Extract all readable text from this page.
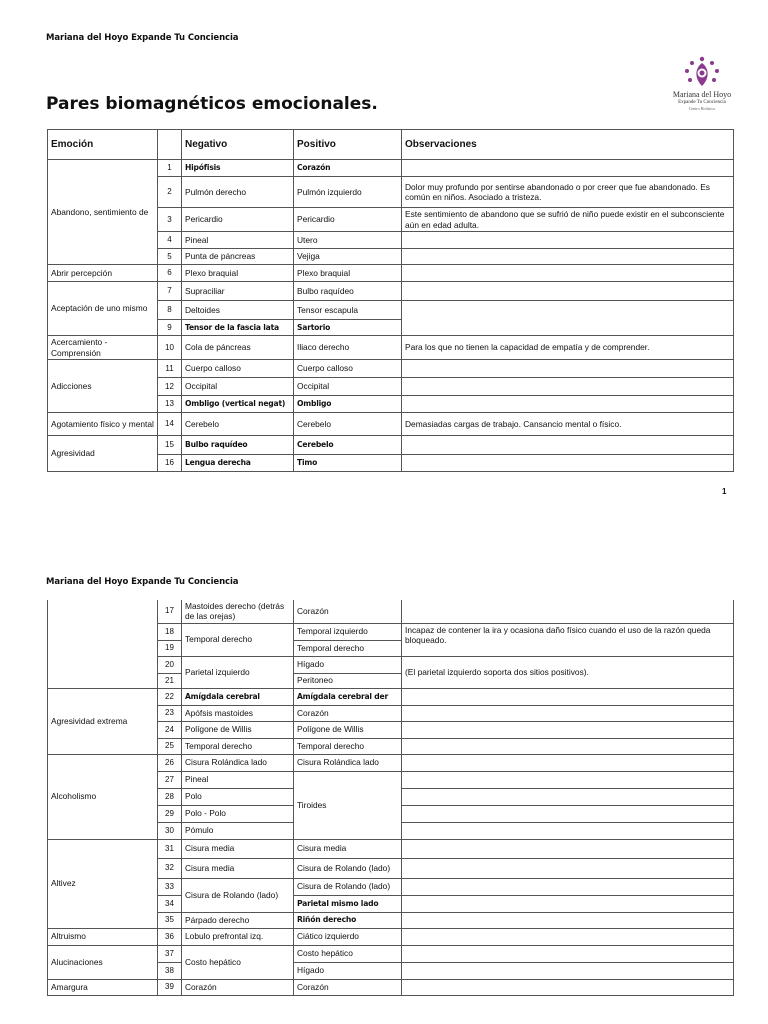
Mariana del Hoyo Expande Tu Conciencia
Pares biomagnéticos emocionales.	Mariana del Hoyo
Expande Tu Conciencia
Centro Holístico
Emoción		Negativo	Positivo	Observaciones
Abandono, sentimiento de	1	Hipófisis	Corazón	
	2	Pulmón derecho	Pulmón izquierdo	Dolor muy profundo por sentirse abandonado o por creer que fue abandonado. Es común en niños. Asociado a tristeza.
	3	Pericardio	Pericardio	Este sentimiento de abandono que se sufrió de niño puede existir en el subconsciente aún en edad adulta.
	4	Pineal	Utero	
	5	Punta de páncreas	Vejiga	
Abrir percepción	6	Plexo braquial	Plexo braquial	
Aceptación de uno mismo	7	Supraciliar	Bulbo raquídeo	
	8	Deltoides	Tensor escapula	
	9	Tensor de la fascia lata	Sartorio	
Acercamiento - Comprensión	10	Cola de páncreas	Iliaco derecho	Para los que no tienen la capacidad de empatía y de comprender.
Adicciones	11	Cuerpo calloso	Cuerpo calloso	
	12	Occipital	Occipital	
	13	Ombligo (vertical negat)	Ombligo	
Agotamiento físico y mental	14	Cerebelo	Cerebelo	Demasiadas cargas de trabajo. Cansancio mental o físico.
Agresividad	15	Bulbo raquídeo	Cerebelo	
	16	Lengua derecha	Timo	
1
Mariana del Hoyo Expande Tu Conciencia
	17	Mastoides derecho (detrás de las orejas)	Corazón	
	18	Temporal derecho	Temporal izquierdo	Incapaz de contener la ira y ocasiona daño físico cuando el uso de la razón queda bloqueado.
	19		Temporal derecho	
	20	Parietal izquierdo	Hígado	(El parietal izquierdo soporta dos sitios positivos).
	21		Peritoneo	
Agresividad extrema	22	Amígdala cerebral	Amígdala cerebral der	
	23	Apófsis mastoides	Corazón	
	24	Polígone de Willis	Polígone de Willis	
	25	Temporal derecho	Temporal derecho	
Alcoholismo	26	Cisura Rolándica lado	Cisura Rolándica lado	
	27	Pineal	Tiroides	
	28	Polo		
	29	Polo - Polo		
	30	Pómulo		
Altivez	31	Cisura media	Cisura media	
	32	Cisura media	Cisura de Rolando (lado)	
	33	Cisura de Rolando (lado)	Cisura de Rolando (lado)	
	34		Parietal mismo lado	
	35	Párpado derecho	Riñón derecho	
Altruismo	36	Lobulo prefrontal izq.	Ciático izquierdo	
Alucinaciones	37	Costo hepático	Costo hepático	
	38		Hígado	
Amargura	39	Corazón	Corazón	
